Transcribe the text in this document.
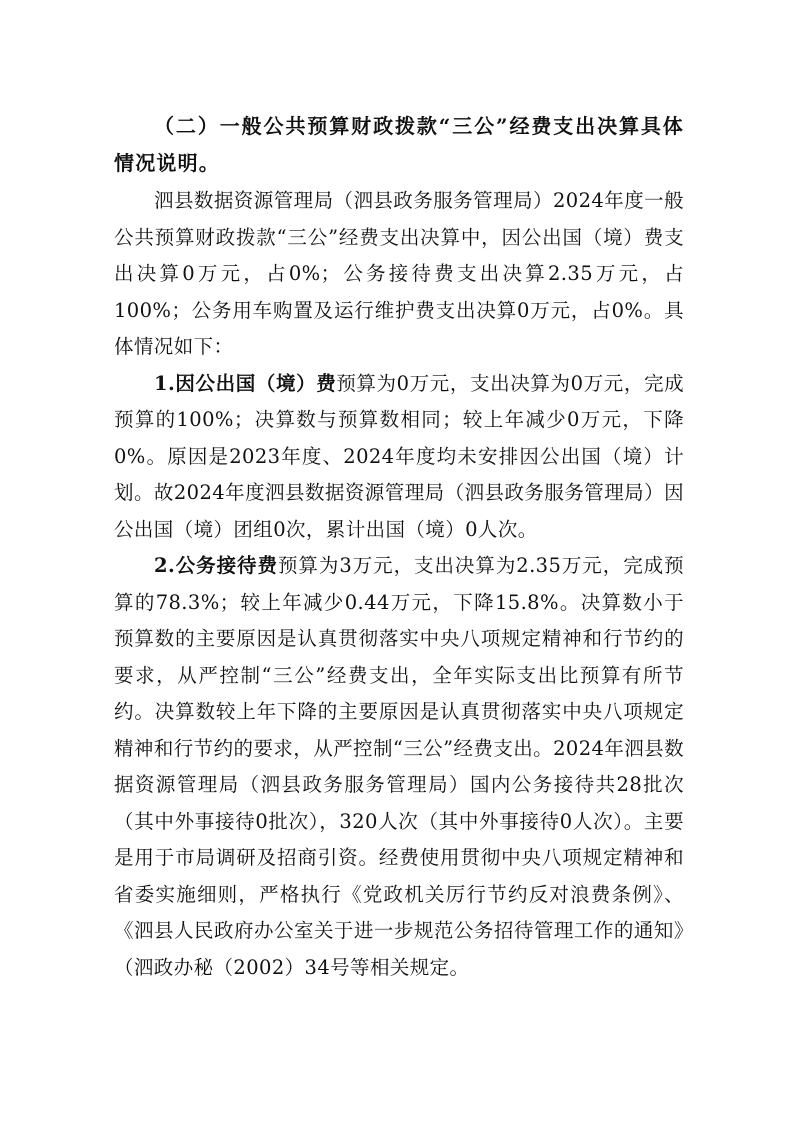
（二）一般公共预算财政拨款“三公”经费支出决算具体情况说明。

泗县数据资源管理局（泗县政务服务管理局）2024年度一般公共预算财政拨款“三公”经费支出决算中，因公出国（境）费支出决算0万元，占0%；公务接待费支出决算2.35万元，占100%；公务用车购置及运行维护费支出决算0万元，占0%。具体情况如下：

1.因公出国（境）费预算为0万元，支出决算为0万元，完成预算的100%；决算数与预算数相同；较上年减少0万元，下降0%。原因是2023年度、2024年度均未安排因公出国（境）计划。故2024年度泗县数据资源管理局（泗县政务服务管理局）因公出国（境）团组0次，累计出国（境）0人次。

2.公务接待费预算为3万元，支出决算为2.35万元，完成预算的78.3%；较上年减少0.44万元，下降15.8%。决算数小于预算数的主要原因是认真贯彻落实中央八项规定精神和行节约的要求，从严控制“三公”经费支出，全年实际支出比预算有所节约。决算数较上年下降的主要原因是认真贯彻落实中央八项规定精神和行节约的要求，从严控制“三公”经费支出。2024年泗县数据资源管理局（泗县政务服务管理局）国内公务接待共28批次（其中外事接待0批次），320人次（其中外事接待0人次）。主要是用于市局调研及招商引资。经费使用贯彻中央八项规定精神和省委实施细则，严格执行《党政机关厉行节约反对浪费条例》、《泗县人民政府办公室关于进一步规范公务招待管理工作的通知》（泗政办秘（2002）34号等相关规定。
